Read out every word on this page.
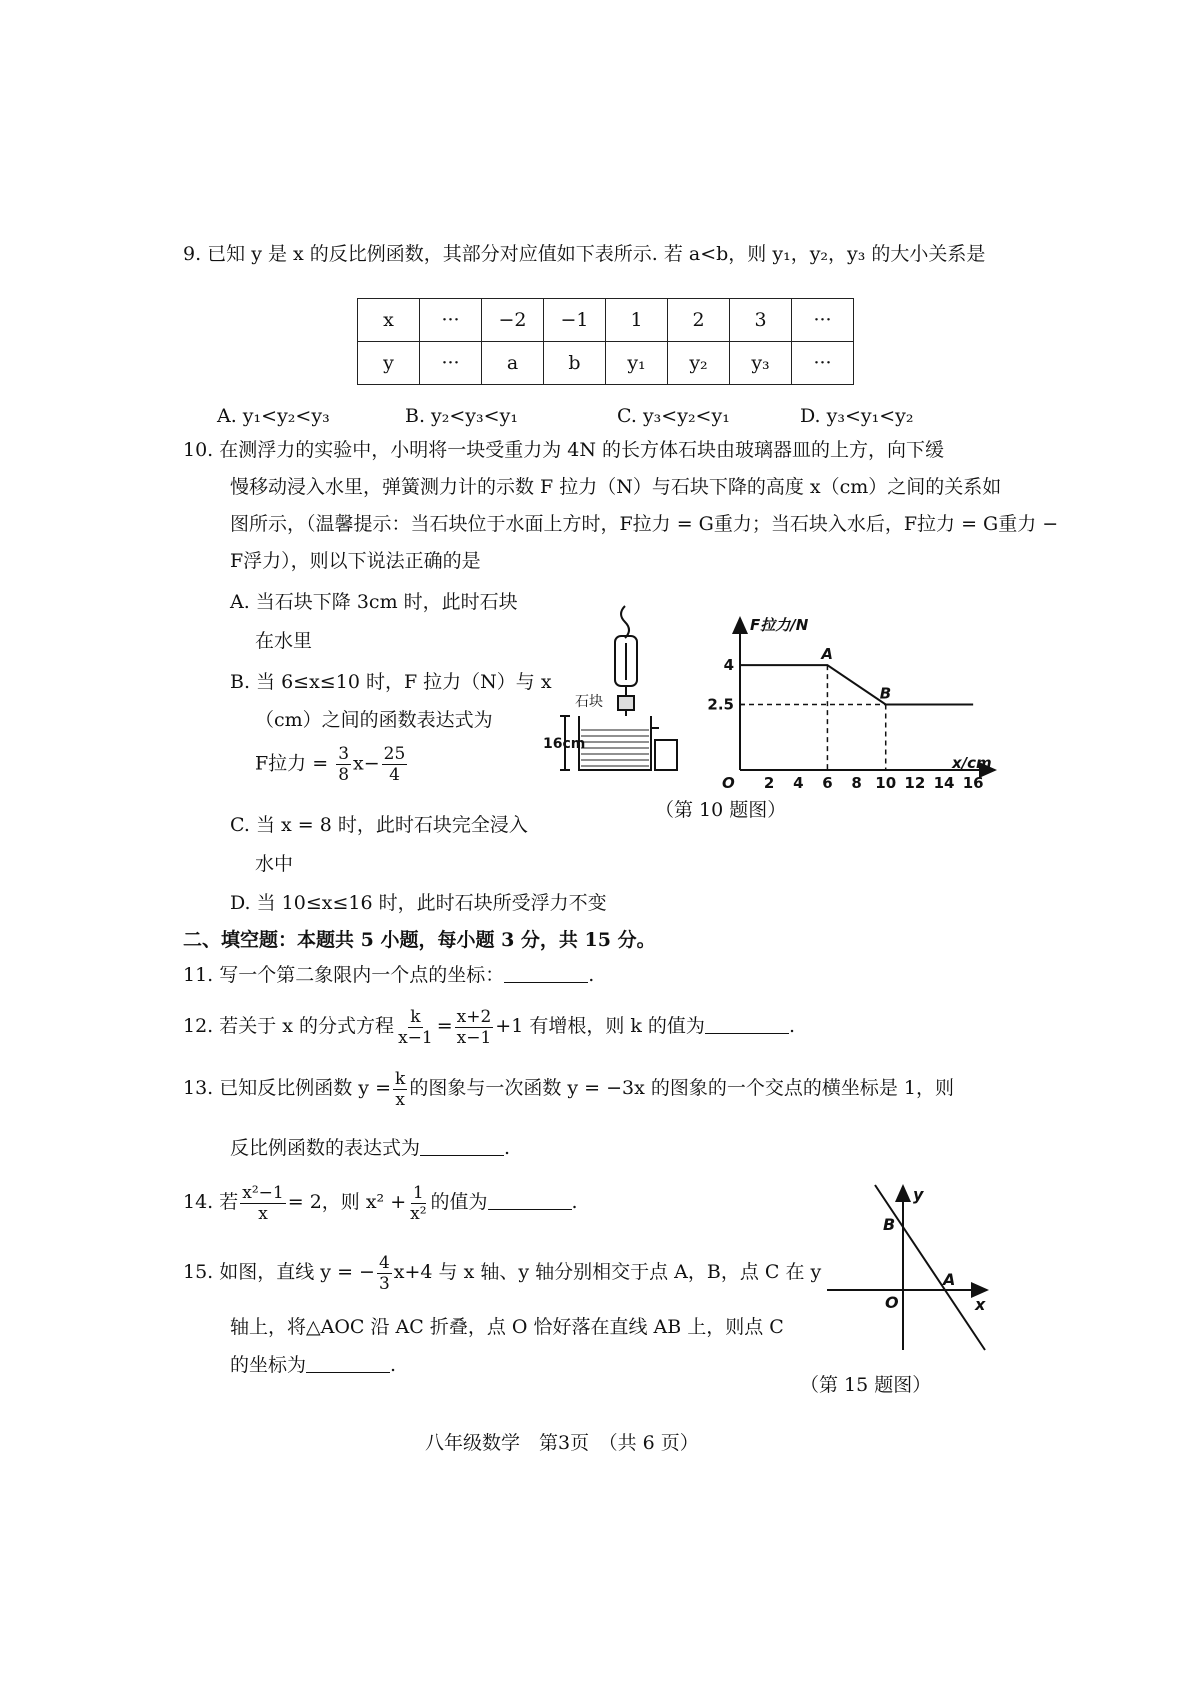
9. 已知 y 是 x 的反比例函数，其部分对应值如下表所示. 若 a<b，则 y₁，y₂，y₃ 的大小关系是
x	···	−2	−1	1	2	3	···
y	···	a	b	y₁	y₂	y₃	···
A. y₁<y₂<y₃	B. y₂<y₃<y₁	C. y₃<y₂<y₁	D. y₃<y₁<y₂
10. 在测浮力的实验中，小明将一块受重力为 4N 的长方体石块由玻璃器皿的上方，向下缓
慢移动浸入水里，弹簧测力计的示数 F 拉力（N）与石块下降的高度 x（cm）之间的关系如
图所示，（温馨提示：当石块位于水面上方时，F拉力 = G重力；当石块入水后，F拉力 = G重力 −
F浮力），则以下说法正确的是
A. 当石块下降 3cm 时，此时石块
在水里
B. 当 6≤x≤10 时，F 拉力（N）与 x
（cm）之间的函数表达式为
F拉力 = $\frac{3}{8} x- \frac{25}{4}$
C. 当 x = 8 时，此时石块完全浸入
水中
D. 当 10≤x≤16 时，此时石块所受浮力不变
石块
16cm
F拉力/N
x/cm
O 2 4 6 8 10 12 14 16
4
2.5
A
B
（第 10 题图）
二、填空题：本题共 5 小题，每小题 3 分，共 15 分。
11. 写一个第二象限内一个点的坐标：	.
12. 若关于 x 的分式方程 $\frac{k}{x-1} = \frac{x+2}{x-1} +1$ 有增根，则 k 的值为	.
13. 已知反比例函数 $y = \frac{k}{x}$ 的图象与一次函数 y = −3x 的图象的一个交点的横坐标是 1，则
反比例函数的表达式为	.
14. 若 $\frac{\text{x²−1}}{x} = 2$，则 $x^2 + \frac{1}{\text{x²}}$ 的值为	.
15. 如图，直线 y = − $\frac{4}{3} x+4$ 与 x 轴、y 轴分别相交于点 A，B，点 C 在 y
轴上，将△AOC 沿 AC 折叠，点 O 恰好落在直线 AB 上，则点 C
的坐标为	.
y
x
O
A
B
（第 15 题图）
八年级数学　第3页　（共 6 页）
